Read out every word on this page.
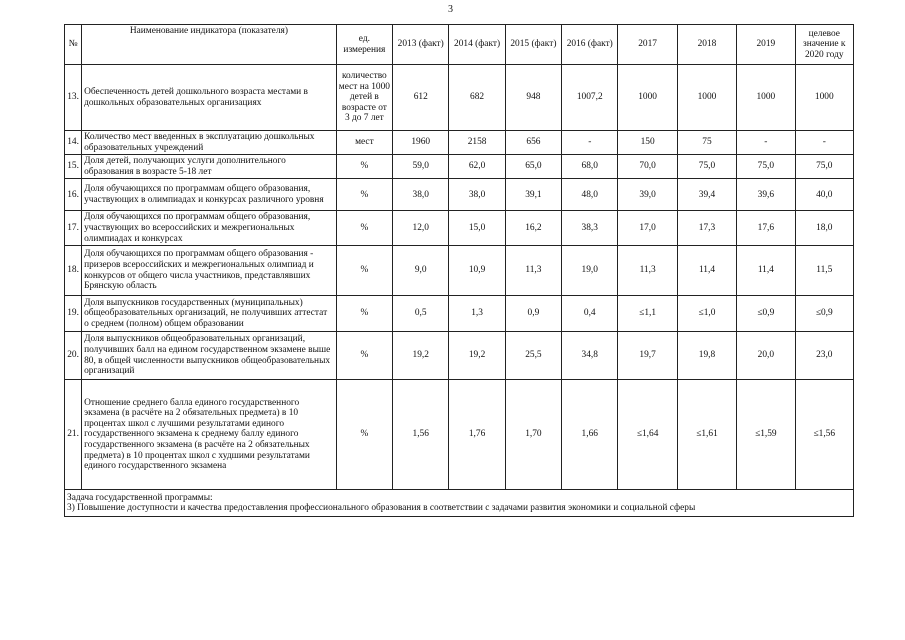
3
№	Наименование индикатора (показателя)	ед. измерения	2013 (факт)	2014 (факт)	2015 (факт)	2016 (факт)	2017	2018	2019	целевое значение к 2020 году
13.	Обеспеченность детей дошкольного возраста местами в дошкольных образовательных организациях	количество мест на 1000 детей в возрасте от 3 до 7 лет	612	682	948	1007,2	1000	1000	1000	1000
14.	Количество мест введенных в эксплуатацию дошкольных образовательных учреждений	мест	1960	2158	656	-	150	75	-	-
15.	Доля детей, получающих услуги дополнительного образования в возрасте 5-18 лет	%	59,0	62,0	65,0	68,0	70,0	75,0	75,0	75,0
16.	Доля обучающихся по программам общего образования, участвующих в олимпиадах и конкурсах различного уровня	%	38,0	38,0	39,1	48,0	39,0	39,4	39,6	40,0
17.	Доля обучающихся по программам общего образования, участвующих во всероссийских и межрегиональных олимпиадах и конкурсах	%	12,0	15,0	16,2	38,3	17,0	17,3	17,6	18,0
18.	Доля обучающихся по программам общего образования - призеров всероссийских и межрегиональных олимпиад и конкурсов от общего числа участников, представлявших Брянскую область	%	9,0	10,9	11,3	19,0	11,3	11,4	11,4	11,5
19.	Доля выпускников государственных (муниципальных) общеобразовательных организаций, не получивших аттестат о среднем (полном) общем образовании	%	0,5	1,3	0,9	0,4	≤1,1	≤1,0	≤0,9	≤0,9
20.	Доля выпускников общеобразовательных организаций, получивших балл на едином государственном экзамене выше 80, в общей численности выпускников общеобразовательных организаций	%	19,2	19,2	25,5	34,8	19,7	19,8	20,0	23,0
21.	Отношение среднего балла единого государственного экзамена (в расчёте на 2 обязательных предмета) в 10 процентах школ с лучшими результатами единого государственного экзамена к среднему баллу единого государственного экзамена (в расчёте на 2 обязательных предмета) в 10 процентах школ с худшими результатами единого государственного экзамена	%	1,56	1,76	1,70	1,66	≤1,64	≤1,61	≤1,59	≤1,56

Задача государственной программы:
3) Повышение доступности и качества предоставления профессионального образования в соответствии с задачами развития экономики и социальной сферы										
